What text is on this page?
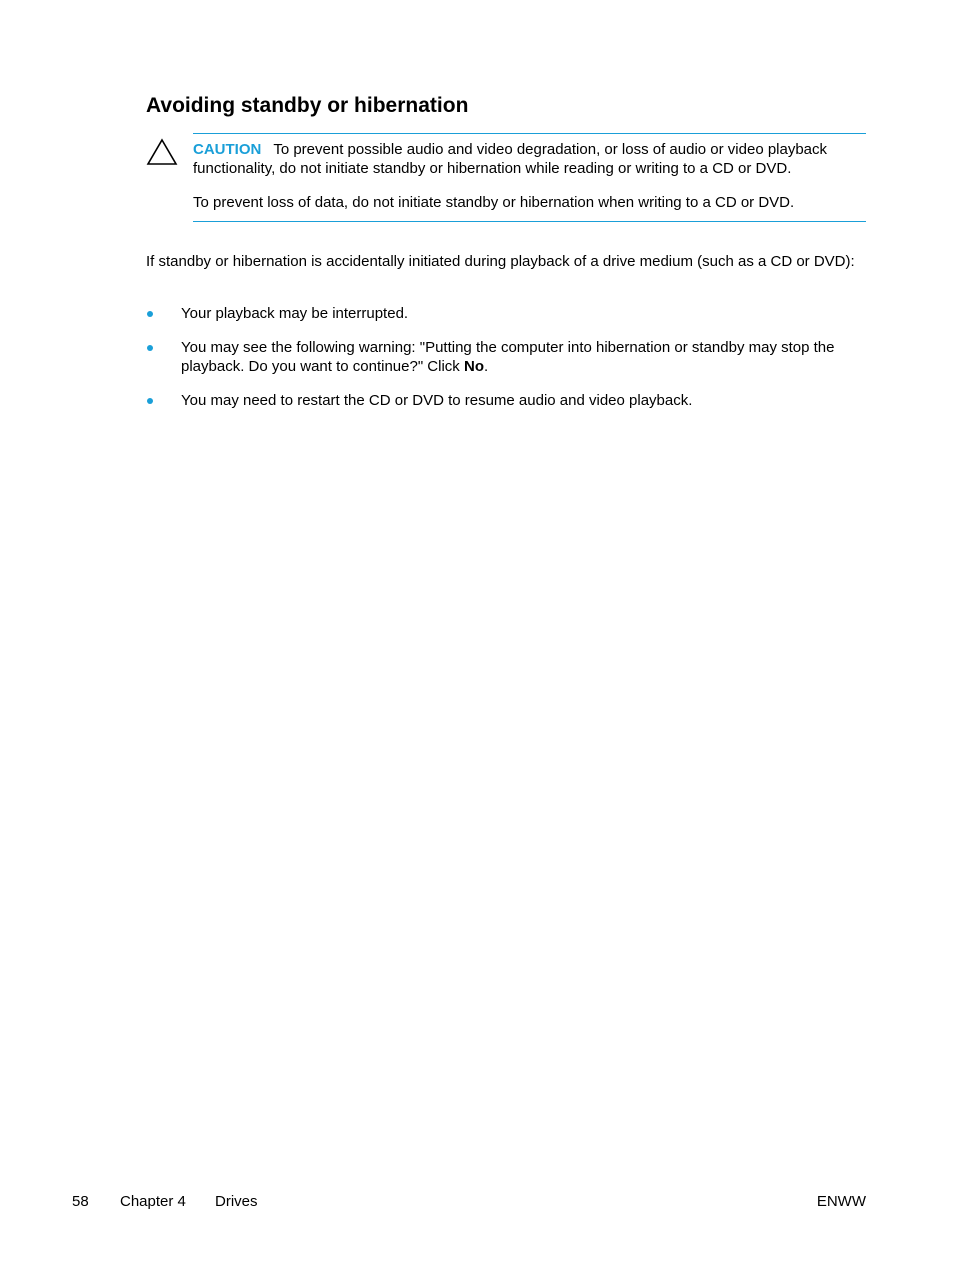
Avoiding standby or hibernation

CAUTION To prevent possible audio and video degradation, or loss of audio or video playback functionality, do not initiate standby or hibernation while reading or writing to a CD or DVD.

To prevent loss of data, do not initiate standby or hibernation when writing to a CD or DVD.

If standby or hibernation is accidentally initiated during playback of a drive medium (such as a CD or DVD):

Your playback may be interrupted.
You may see the following warning: "Putting the computer into hibernation or standby may stop the playback. Do you want to continue?" Click No.
You may need to restart the CD or DVD to resume audio and video playback.
58 Chapter 4 Drives	ENWW
